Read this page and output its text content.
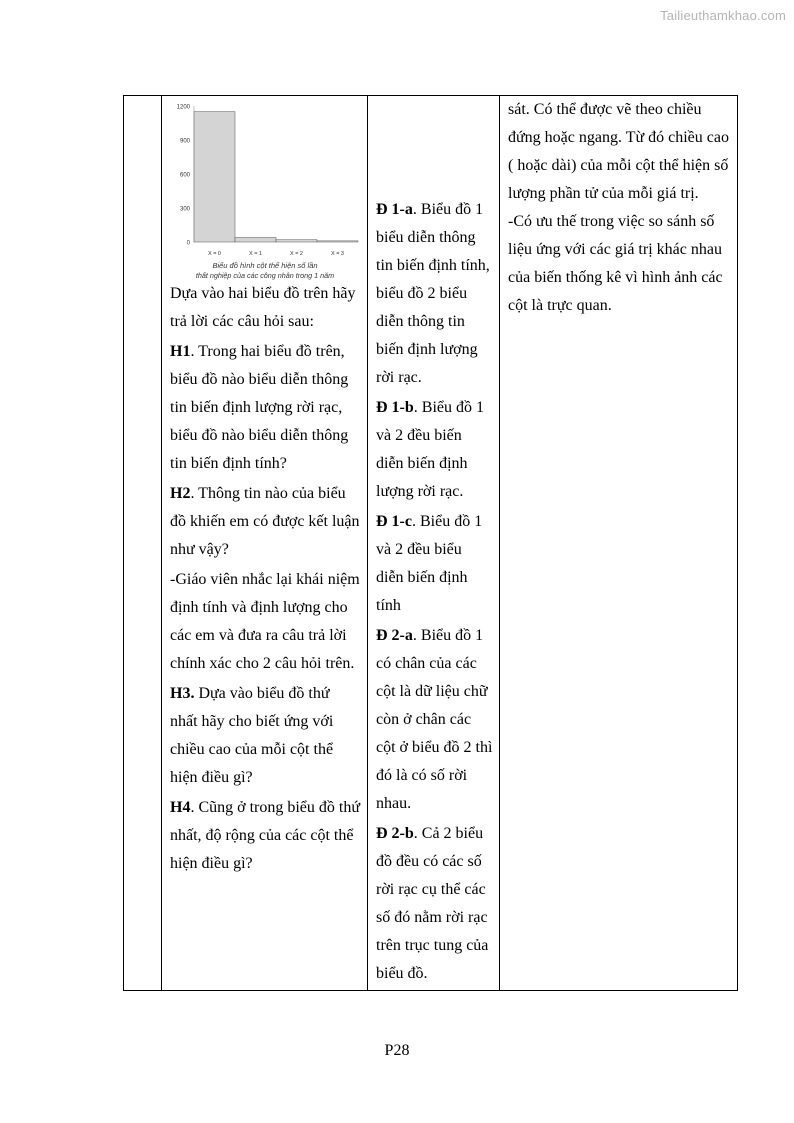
Tailieuthamkhao.com

0
300
600
900
1200
X = 0	X = 1	X = 2	X = 3
Biểu đồ hình cột thể hiện số lần
thất nghiệp của các công nhân trong 1 năm

Dựa vào hai biểu đồ trên hãy trả lời các câu hỏi sau:

H1. Trong hai biểu đồ trên, biểu đồ nào biểu diễn thông tin biến định lượng rời rạc, biểu đồ nào biểu diễn thông tin biến định tính?

H2. Thông tin nào của biểu đồ khiến em có được kết luận như vậy?

-Giáo viên nhắc lại khái niệm định tính và định lượng cho các em và đưa ra câu trả lời chính xác cho 2 câu hỏi trên.

H3. Dựa vào biểu đồ thứ nhất hãy cho biết ứng với chiều cao của mỗi cột thể hiện điều gì?

H4. Cũng ở trong biểu đồ thứ nhất, độ rộng của các cột thể hiện điều gì?

Đ 1-a. Biểu đồ 1 biểu diễn thông tin biến định tính, biểu đồ 2 biểu diễn thông tin biến định lượng rời rạc.

Đ 1-b. Biểu đồ 1 và 2 đều biến diễn biến định lượng rời rạc.

Đ 1-c. Biểu đồ 1 và 2 đều biểu diễn biến định tính

Đ 2-a. Biểu đồ 1 có chân của các cột là dữ liệu chữ còn ở chân các cột ở biểu đồ 2 thì đó là có số rời nhau.

Đ 2-b. Cả 2 biểu đồ đều có các số rời rạc cụ thể các số đó nằm rời rạc trên trục tung của biểu đồ.

sát. Có thể được vẽ theo chiều đứng hoặc ngang. Từ đó chiều cao ( hoặc dài) của mỗi cột thể hiện số lượng phần tử của mỗi giá trị.

-Có ưu thế trong việc so sánh số liệu ứng với các giá trị khác nhau của biến thống kê vì hình ảnh các cột là trực quan.

P28
